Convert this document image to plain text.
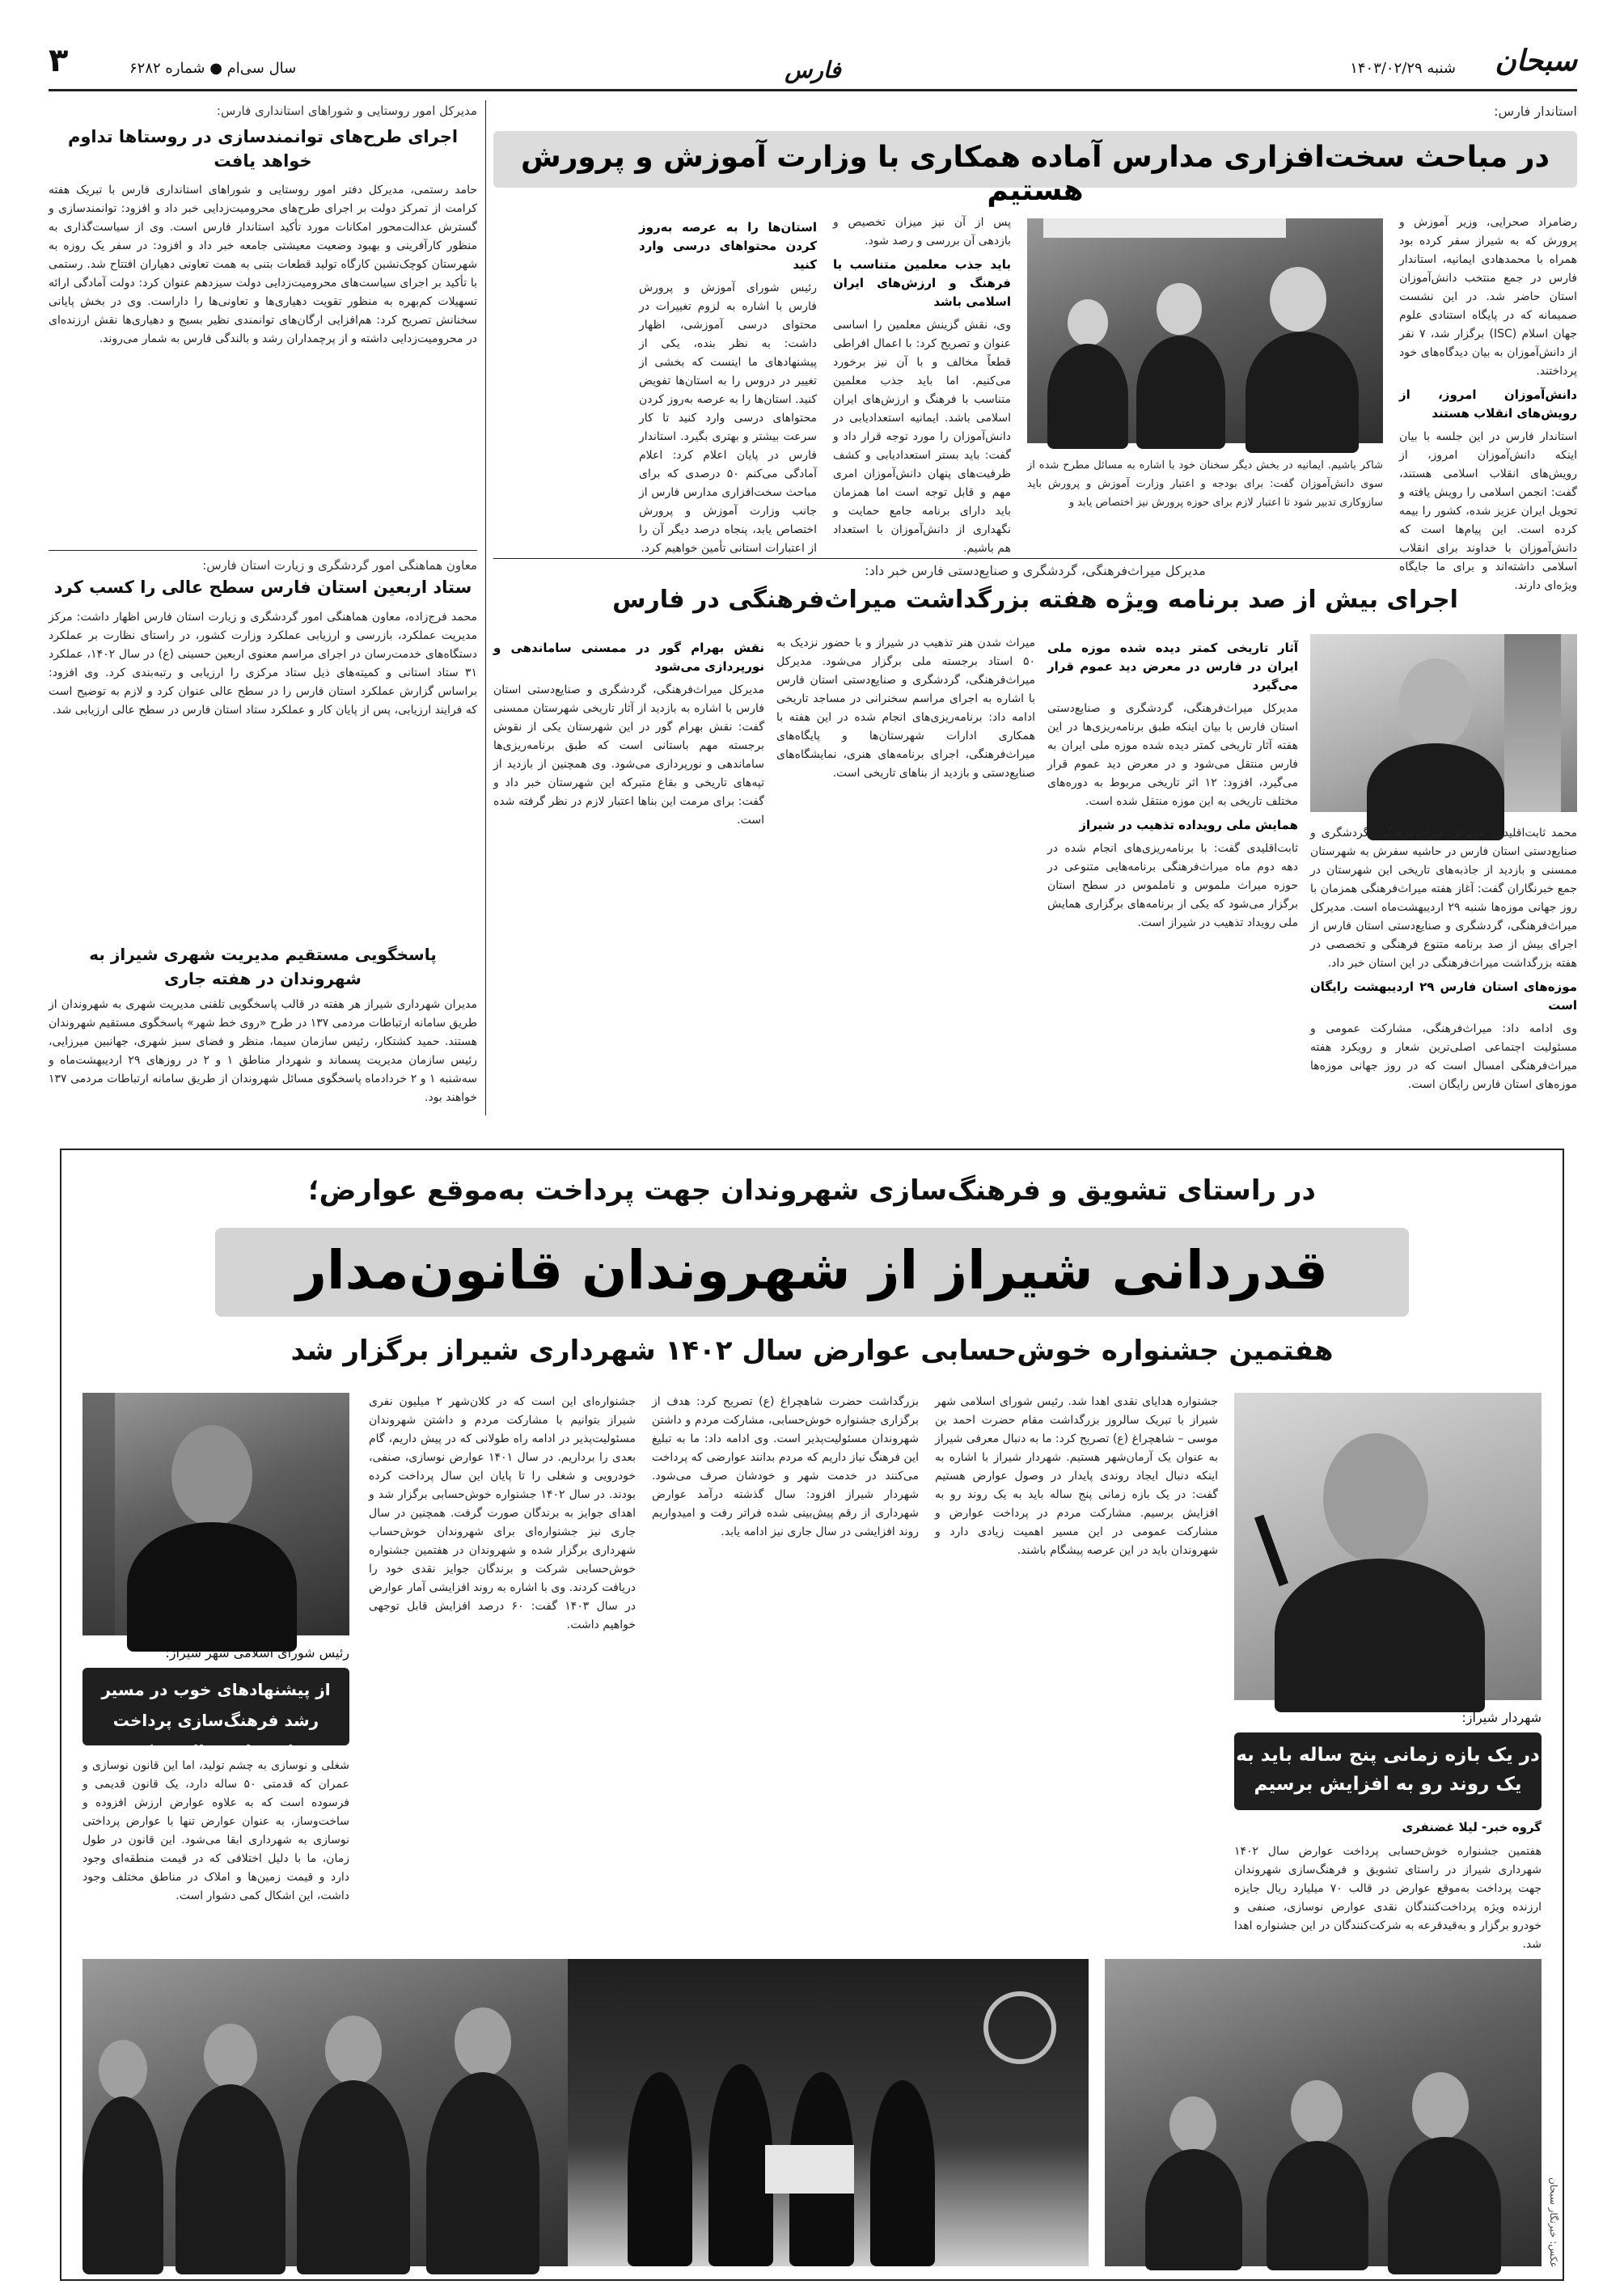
سبحان
شنبه ۱۴۰۳/۰۲/۲۹
فارس
سال سی‌ام ● شماره ۶۲۸۲
۳
استاندار فارس:
در مباحث سخت‌افزاری مدارس آماده همکاری با وزارت آموزش و پرورش هستیم
رضامراد صحرایی، وزیر آموزش و پرورش که به شیراز سفر کرده بود همراه با محمدهادی ایمانیه، استاندار فارس در جمع منتخب دانش‌آموزان استان حاضر شد. در این نشست صمیمانه که در پایگاه استنادی علوم جهان اسلام (ISC) برگزار شد، ۷ نفر از دانش‌آموزان به بیان دیدگاه‌های خود پرداختند.
دانش‌آموزان امروز، از رویش‌های انقلاب هستند
استاندار فارس در این جلسه با بیان اینکه دانش‌آموزان امروز، از رویش‌های انقلاب اسلامی هستند، گفت: انجمن اسلامی را رویش یافته و تحویل ایران عزیز شده، کشور را بیمه کرده است. این پیام‌ها است که دانش‌آموزان با خداوند برای انقلاب اسلامی داشته‌اند و برای ما جایگاه ویژه‌ای دارند.
شاکر باشیم. ایمانیه در بخش دیگر سخنان خود با اشاره به مسائل مطرح شده از سوی دانش‌آموزان گفت: برای بودجه و اعتبار وزارت آموزش و پرورش باید سازوکاری تدبیر شود تا اعتبار لازم برای حوزه پرورش نیز اختصاص یابد و
پس از آن نیز میزان تخصیص و بازدهی آن بررسی و رصد شود.
باید جذب معلمین متناسب با فرهنگ و ارزش‌های ایران اسلامی باشد
وی، نقش گزینش معلمین را اساسی عنوان و تصریح کرد: با اعمال افراطی قطعاً مخالف و با آن نیز برخورد می‌کنیم. اما باید جذب معلمین متناسب با فرهنگ و ارزش‌های ایران اسلامی باشد. ایمانیه استعدادیابی در دانش‌آموزان را مورد توجه قرار داد و گفت: باید بستر استعدادیابی و کشف ظرفیت‌های پنهان دانش‌آموزان امری مهم و قابل توجه است اما همزمان باید دارای برنامه جامع حمایت و نگهداری از دانش‌آموزان با استعداد هم باشیم.
استان‌ها را به عرصه به‌روز کردن محتواهای درسی وارد کنید
رئیس شورای آموزش و پرورش فارس با اشاره به لزوم تغییرات در محتوای درسی آموزشی، اظهار داشت: به نظر بنده، یکی از پیشنهادهای ما اینست که بخشی از تغییر در دروس را به استان‌ها تفویض کنید. استان‌ها را به عرصه به‌روز کردن محتواهای درسی وارد کنید تا کار سرعت بیشتر و بهتری بگیرد. استاندار فارس در پایان اعلام کرد: اعلام آمادگی می‌کنم ۵۰ درصدی که برای مباحث سخت‌افزاری مدارس فارس از جانب وزارت آموزش و پرورش اختصاص یابد، پنجاه درصد دیگر آن را از اعتبارات استانی تأمین خواهیم کرد.
مدیرکل امور روستایی و شوراهای استانداری فارس:
اجرای طرح‌های توانمندسازی در روستاها تداوم خواهد یافت
حامد رستمی، مدیرکل دفتر امور روستایی و شوراهای استانداری فارس با تبریک هفته کرامت از تمرکز دولت بر اجرای طرح‌های محرومیت‌زدایی خبر داد و افزود: توانمندسازی و گسترش عدالت‌محور امکانات مورد تأکید استاندار فارس است. وی از سیاست‌گذاری به منظور کارآفرینی و بهبود وضعیت معیشتی جامعه خبر داد و افزود: در سفر یک روزه به شهرستان کوچک‌نشین کارگاه تولید قطعات بتنی به همت تعاونی دهیاران افتتاح شد. رستمی با تأکید بر اجرای سیاست‌های محرومیت‌زدایی دولت سیزدهم عنوان کرد: دولت آمادگی ارائه تسهیلات کم‌بهره به منظور تقویت دهیاری‌ها و تعاونی‌ها را داراست. وی در بخش پایانی سخنانش تصریح کرد: هم‌افزایی ارگان‌های توانمندی نظیر بسیج و دهیاری‌ها نقش ارزنده‌ای در محرومیت‌زدایی داشته و از پرچمداران رشد و بالندگی فارس به شمار می‌روند.
معاون هماهنگی امور گردشگری و زیارت استان فارس:
ستاد اربعین استان فارس سطح عالی را کسب کرد
محمد فرج‌زاده، معاون هماهنگی امور گردشگری و زیارت استان فارس اظهار داشت: مرکز مدیریت عملکرد، بازرسی و ارزیابی عملکرد وزارت کشور، در راستای نظارت بر عملکرد دستگاه‌های خدمت‌رسان در اجرای مراسم معنوی اربعین حسینی (ع) در سال ۱۴۰۲، عملکرد ۳۱ ستاد استانی و کمیته‌های ذیل ستاد مرکزی را ارزیابی و رتبه‌بندی کرد. وی افزود: براساس گزارش عملکرد استان فارس را در سطح عالی عنوان کرد و لازم به توضیح است که فرایند ارزیابی، پس از پایان کار و عملکرد ستاد استان فارس در سطح عالی ارزیابی شد.
پاسخگویی مستقیم مدیریت شهری شیراز به شهروندان در هفته جاری
مدیران شهرداری شیراز هر هفته در قالب پاسخگویی تلفنی مدیریت شهری به شهروندان از طریق سامانه ارتباطات مردمی ۱۳۷ در طرح «روی خط شهر» پاسخگوی مستقیم شهروندان هستند. حمید کشتکار، رئیس سازمان سیما، منظر و فضای سبز شهری، جهانبین میرزایی، رئیس سازمان مدیریت پسماند و شهردار مناطق ۱ و ۲ در روزهای ۲۹ اردیبهشت‌ماه و سه‌شنبه ۱ و ۲ خردادماه پاسخگوی مسائل شهروندان از طریق سامانه ارتباطات مردمی ۱۳۷ خواهند بود.
مدیرکل میراث‌فرهنگی، گردشگری و صنایع‌دستی فارس خبر داد:
اجرای بیش از صد برنامه ویژه هفته بزرگداشت میراث‌فرهنگی در فارس
محمد ثابت‌اقلیدی، مدیرکل میراث‌فرهنگی، گردشگری و صنایع‌دستی استان فارس در حاشیه سفرش به شهرستان ممسنی و بازدید از جاذبه‌های تاریخی این شهرستان در جمع خبرنگاران گفت: آغاز هفته میراث‌فرهنگی همزمان با روز جهانی موزه‌ها شنبه ۲۹ اردیبهشت‌ماه است. مدیرکل میراث‌فرهنگی، گردشگری و صنایع‌دستی استان فارس از اجرای بیش از صد برنامه متنوع فرهنگی و تخصصی در هفته بزرگداشت میراث‌فرهنگی در این استان خبر داد.
موزه‌های استان فارس ۲۹ اردیبهشت رایگان است
وی ادامه داد: میراث‌فرهنگی، مشارکت عمومی و مسئولیت اجتماعی اصلی‌ترین شعار و رویکرد هفته میراث‌فرهنگی امسال است که در روز جهانی موزه‌ها موزه‌های استان فارس رایگان است.
آثار تاریخی کمتر دیده شده موزه ملی ایران در فارس در معرض دید عموم قرار می‌گیرد
مدیرکل میراث‌فرهنگی، گردشگری و صنایع‌دستی استان فارس با بیان اینکه طبق برنامه‌ریزی‌ها در این هفته آثار تاریخی کمتر دیده شده موزه ملی ایران به فارس منتقل می‌شود و در معرض دید عموم قرار می‌گیرد، افزود: ۱۲ اثر تاریخی مربوط به دوره‌های مختلف تاریخی به این موزه منتقل شده است.
همایش ملی رویداده تذهیب در شیراز
ثابت‌اقلیدی گفت: با برنامه‌ریزی‌های انجام شده در دهه دوم ماه میراث‌فرهنگی برنامه‌هایی متنوعی در حوزه میراث ملموس و ناملموس در سطح استان برگزار می‌شود که یکی از برنامه‌های برگزاری همایش ملی رویداد تذهیب در شیراز است.
میراث شدن هنر تذهیب در شیراز و با حضور نزدیک به ۵۰ استاد برجسته ملی برگزار می‌شود. مدیرکل میراث‌فرهنگی، گردشگری و صنایع‌دستی استان فارس با اشاره به اجرای مراسم سخنرانی در مساجد تاریخی ادامه داد: برنامه‌ریزی‌های انجام شده در این هفته با همکاری ادارات شهرستان‌ها و پایگاه‌های میراث‌فرهنگی، اجرای برنامه‌های هنری، نمایشگاه‌های صنایع‌دستی و بازدید از بناهای تاریخی است.
نقش بهرام گور در ممسنی ساماندهی و نورپردازی می‌شود
مدیرکل میراث‌فرهنگی، گردشگری و صنایع‌دستی استان فارس با اشاره به بازدید از آثار تاریخی شهرستان ممسنی گفت: نقش بهرام گور در این شهرستان یکی از نقوش برجسته مهم باستانی است که طبق برنامه‌ریزی‌ها ساماندهی و نورپردازی می‌شود. وی همچنین از بازدید از تپه‌های تاریخی و بقاع متبرکه این شهرستان خبر داد و گفت: برای مرمت این بناها اعتبار لازم در نظر گرفته شده است.
در راستای تشویق و فرهنگ‌سازی شهروندان جهت پرداخت به‌موقع عوارض؛
قدردانی شیراز از شهروندان قانون‌مدار
هفتمین جشنواره خوش‌حسابی عوارض سال ۱۴۰۲ شهرداری شیراز برگزار شد
شهردار شیراز:
در یک بازه زمانی پنج ساله باید به یک روند رو به افزایش برسیم
گروه خبر- لیلا غضنفری
هفتمین جشنواره خوش‌حسابی پرداخت عوارض سال ۱۴۰۲ شهرداری شیراز در راستای تشویق و فرهنگ‌سازی شهروندان جهت پرداخت به‌موقع عوارض در قالب ۷۰ میلیارد ریال جایزه ارزنده ویژه پرداخت‌کنندگان نقدی عوارض نوسازی، صنفی و خودرو برگزار و به‌قیدقرعه به شرکت‌کنندگان در این جشنواره اهدا شد.
جشنواره هدایای نقدی اهدا شد. رئیس شورای اسلامی شهر شیراز با تبریک سالروز بزرگداشت مقام حضرت احمد بن موسی – شاهچراغ (ع) تصریح کرد: ما به دنبال معرفی شیراز به عنوان یک آرمان‌شهر هستیم. شهردار شیراز با اشاره به اینکه دنبال ایجاد روندی پایدار در وصول عوارض هستیم گفت: در یک بازه زمانی پنج ساله باید به یک روند رو به افزایش برسیم. مشارکت مردم در پرداخت عوارض و مشارکت عمومی در این مسیر اهمیت زیادی دارد و شهروندان باید در این عرصه پیشگام باشند.
بزرگداشت حضرت شاهچراغ (ع) تصریح کرد: هدف از برگزاری جشنواره خوش‌حسابی، مشارکت مردم و داشتن شهروندان مسئولیت‌پذیر است. وی ادامه داد: ما به تبلیغ این فرهنگ نیاز داریم که مردم بدانند عوارضی که پرداخت می‌کنند در خدمت شهر و خودشان صرف می‌شود. شهردار شیراز افزود: سال گذشته درآمد عوارض شهرداری از رقم پیش‌بینی شده فراتر رفت و امیدواریم روند افزایشی در سال جاری نیز ادامه یابد.
جشنواره‌ای این است که در کلان‌شهر ۲ میلیون نفری شیراز بتوانیم با مشارکت مردم و داشتن شهروندان مسئولیت‌پذیر در ادامه راه طولانی که در پیش داریم، گام بعدی را برداریم. در سال ۱۴۰۱ عوارض نوسازی، صنفی، خودرویی و شغلی را تا پایان این سال پرداخت کرده بودند. در سال ۱۴۰۲ جشنواره خوش‌حسابی برگزار شد و اهدای جوایز به برندگان صورت گرفت. همچنین در سال جاری نیز جشنواره‌ای برای شهروندان خوش‌حساب شهرداری برگزار شده و شهروندان در هفتمین جشنواره خوش‌حسابی شرکت و برندگان جوایز نقدی خود را دریافت کردند. وی با اشاره به روند افزایشی آمار عوارض در سال ۱۴۰۳ گفت: ۶۰ درصد افزایش قابل توجهی خواهیم داشت.
رئیس شورای اسلامی شهر شیراز:
از پیشنهادهای خوب در مسیر رشد فرهنگ‌سازی پرداخت عوارض استقبال می‌کنیم
شغلی و نوسازی به چشم تولید، اما این قانون نوسازی و عمران که قدمتی ۵۰ ساله دارد، یک قانون قدیمی و فرسوده است که به علاوه عوارض ارزش افزوده و ساخت‌وساز، به عنوان عوارض تنها با عوارض پرداختی نوسازی به شهرداری ابقا می‌شود. این قانون در طول زمان، ما با دلیل اختلافی که در قیمت منطقه‌ای وجود دارد و قیمت زمین‌ها و املاک در مناطق مختلف وجود داشت، این اشکال کمی دشوار است.
عکس: خبرنگار سبحان
